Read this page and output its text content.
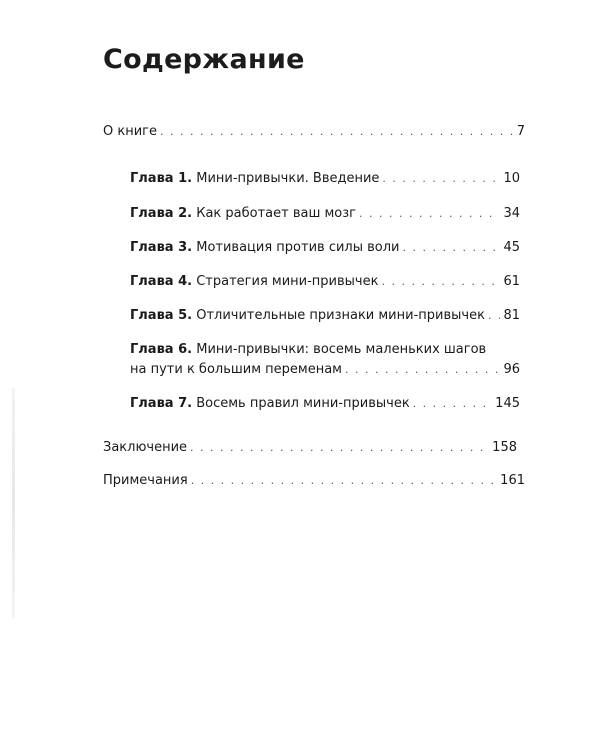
Содержание
О книге . . .	7
Глава 1. Мини-привычки. Введение . . .	10
Глава 2. Как работает ваш мозг . . .	34
Глава 3. Мотивация против силы воли . . .	45
Глава 4. Стратегия мини-привычек . . .	61
Глава 5. Отличительные признаки мини-привычек . . . 81
Глава 6. Мини-привычки: восемь маленьких шагов
на пути к большим переменам . . .	96
Глава 7. Восемь правил мини-привычек . . .	145
Заключение . . .	158
Примечания . . .	161
